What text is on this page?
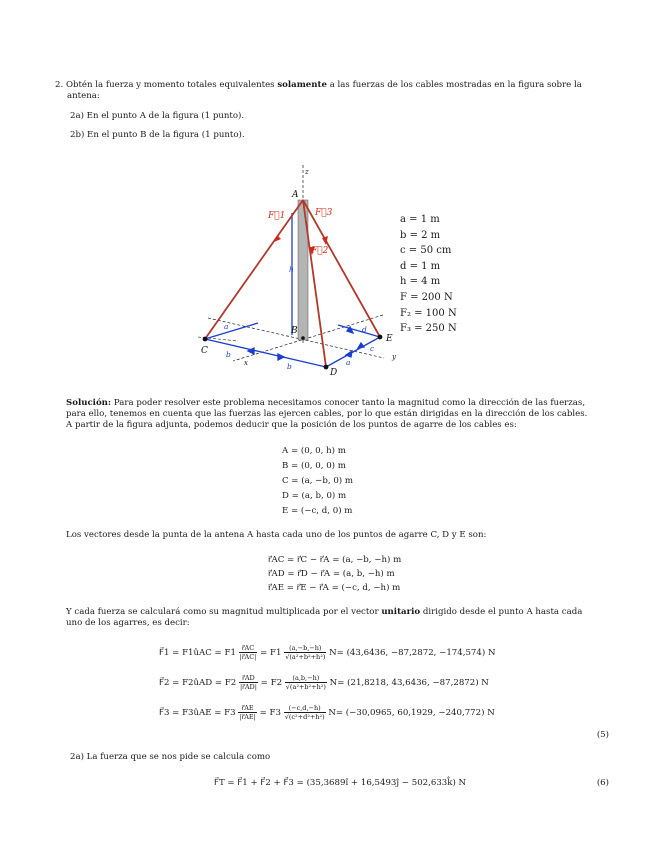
2. Obtén la fuerza y momento totales equivalentes solamente a las fuerzas de los cables mostradas en la figura sobre la
antena:
2a) En el punto A de la figura (1 punto).
2b) En el punto B de la figura (1 punto).
A
B
C
D
E
z
x
y
F⃗1	F⃗3
F⃗2
h
a
b
b	a
c
d
a = 1 m
b = 2 m
c = 50 cm
d = 1 m
h = 4 m
F = 200 N
F₂ = 100 N
F₃ = 250 N
Solución: Para poder resolver este problema necesitamos conocer tanto la magnitud como la dirección de las fuerzas,
para ello, tenemos en cuenta que las fuerzas las ejercen cables, por lo que están dirigidas en la dirección de los cables.
A partir de la figura adjunta, podemos deducir que la posición de los puntos de agarre de los cables es:
A = (0, 0, h) m
B = (0, 0, 0) m
C = (a, −b, 0) m
D = (a, b, 0) m
E = (−c, d, 0) m
Los vectores desde la punta de la antena A hasta cada uno de los puntos de agarre C, D y E son:
r⃗AC = r⃗C − r⃗A = (a, −b, −h) m
r⃗AD = r⃗D − r⃗A = (a, b, −h) m
r⃗AE = r⃗E − r⃗A = (−c, d, −h) m
Y cada fuerza se calculará como su magnitud multiplicada por el vector unitario dirigido desde el punto A hasta cada
uno de los agarres, es decir:
F⃗1 = F1ûAC = $F1 \frac{r⃗AC}{|r⃗AC|} = F1 \frac{(a,-b,-h)}{\text{√(a²+b²+h²)}} N= (43,6436$, −87,2872, −174,574) N
F⃗2 = F2ûAD = $F2 \frac{r⃗AD}{|r⃗AD|} = F2 \frac{(a,b,-h)}{\text{√(a²+b²+h²)}} N= (21,8218$, 43,6436, −87,2872) N
F⃗3 = F3ûAE = $F3 \frac{r⃗AE}{|r⃗AE|} = F3 \frac{(-c,d,-h)}{\text{√(c²+d²+h²)}} N= (-30,0965$, 60,1929, −240,772) N
(5)
2a) La fuerza que se nos pide se calcula como
F⃗T = F⃗1 + F⃗2 + F⃗3 = (35,3689î + 16,5493ĵ − 502,633k̂) N	(6)
